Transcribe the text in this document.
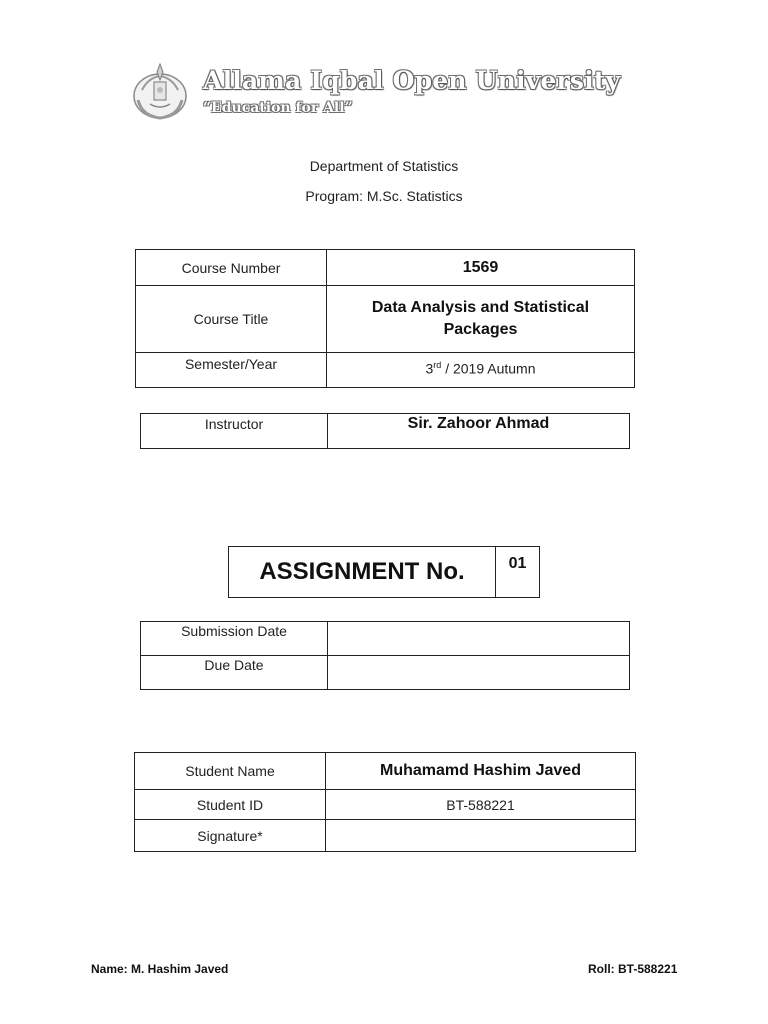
Allama Iqbal Open University
“Education for All”
Department of Statistics
Program: M.Sc. Statistics
Course Number	1569
Course Title	Data Analysis and Statistical Packages
Semester/Year	3rd / 2019 Autumn
Instructor	Sir. Zahoor Ahmad
ASSIGNMENT No.	01
Submission Date	
Due Date	
Student Name	Muhamamd Hashim Javed
Student ID	BT-588221
Signature*	
Name: M. Hashim Javed	Roll: BT-588221
